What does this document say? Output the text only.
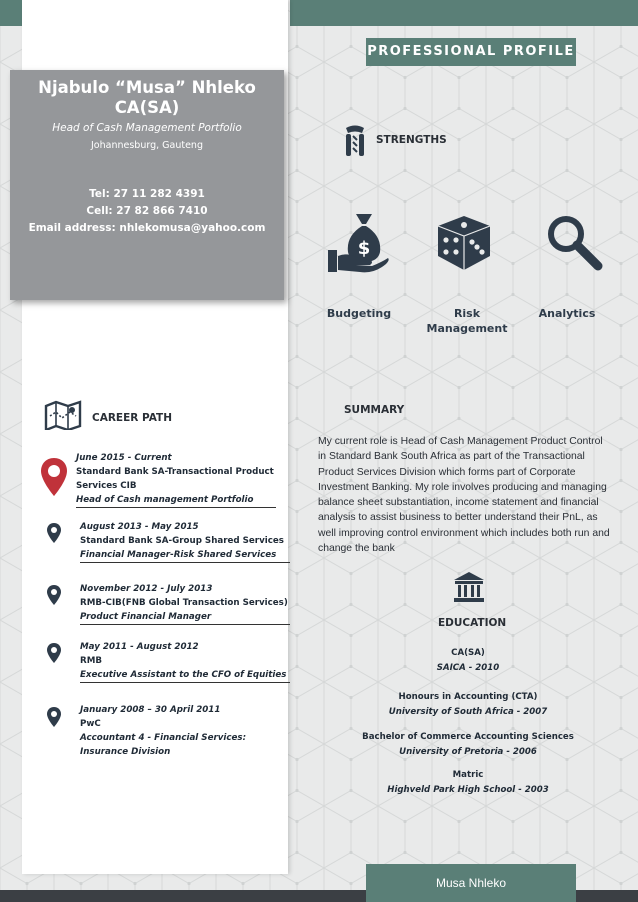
Njabulo “Musa” Nhleko
CA(SA)
Head of Cash Management Portfolio
Johannesburg, Gauteng
Tel: 27 11 282 4391
Cell: 27 82 866 7410
Email address: nhlekomusa@yahoo.com
PROFESSIONAL PROFILE
STRENGTHS
$
Budgeting	Risk Management
Analytics
SUMMARY
My current role is Head of Cash Management Product Control in Standard Bank South Africa as part of the Transactional Product Services Division which forms part of Corporate Investment Banking. My role involves producing and managing balance sheet substantiation, income statement and financial analysis to assist business to better understand their PnL, as well improving control environment which includes both run and change the bank
EDUCATION
CA(SA)
SAICA - 2010
Honours in Accounting (CTA)
University of South Africa - 2007
Bachelor of Commerce Accounting Sciences
University of Pretoria - 2006
Matric
Highveld Park High School - 2003
CAREER PATH
June 2015 - Current
Standard Bank SA-Transactional Product Services CIB
Head of Cash management Portfolio
August 2013 - May 2015
Standard Bank SA-Group Shared Services
Financial Manager-Risk Shared Services
November 2012 - July 2013
RMB-CIB(FNB Global Transaction Services)
Product Financial Manager
May 2011 - August 2012
RMB
Executive Assistant to the CFO of Equities
January 2008 – 30 April 2011
PwC
Accountant 4 - Financial Services: Insurance Division
Musa Nhleko
